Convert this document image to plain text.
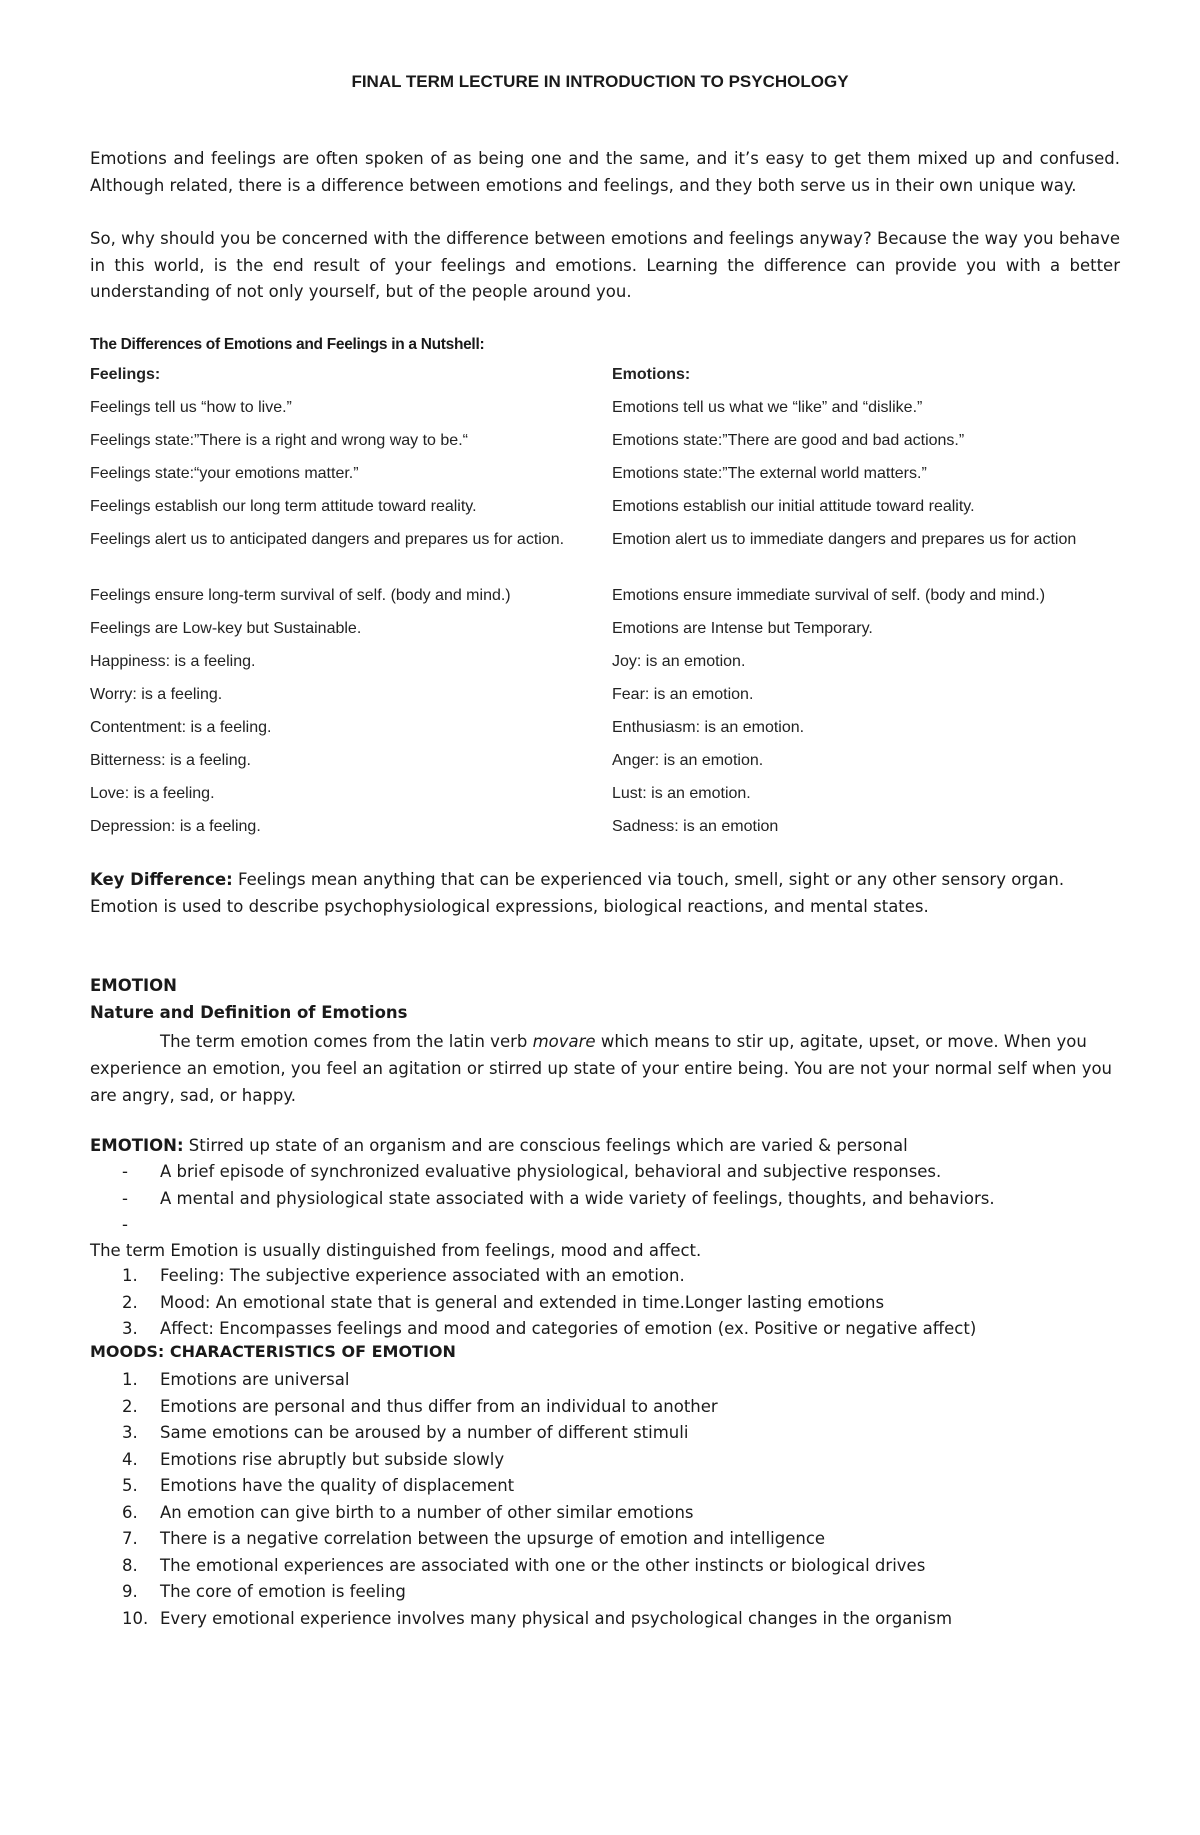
FINAL TERM LECTURE IN INTRODUCTION TO PSYCHOLOGY
Emotions and feelings are often spoken of as being one and the same, and it’s easy to get them mixed up and confused. Although related, there is a difference between emotions and feelings, and they both serve us in their own unique way.
So, why should you be concerned with the difference between emotions and feelings anyway? Because the way you behave in this world, is the end result of your feelings and emotions. Learning the difference can provide you with a better understanding of not only yourself, but of the people around you.
The Differences of Emotions and Feelings in a Nutshell:
Feelings:	Emotions:
Feelings tell us “how to live.”
Feelings state:”There is a right and wrong way to be.“
Feelings state:“your emotions matter.”
Feelings establish our long term attitude toward reality.
Feelings alert us to anticipated dangers and prepares us for action.
Feelings ensure long-term survival of self. (body and mind.)
Feelings are Low-key but Sustainable.
Happiness: is a feeling.
Worry: is a feeling.
Contentment: is a feeling.
Bitterness: is a feeling.
Love: is a feeling.
Depression: is a feeling.
Emotions tell us what we “like” and “dislike.”
Emotions state:”There are good and bad actions.”
Emotions state:”The external world matters.”
Emotions establish our initial attitude toward reality.
Emotion alert us to immediate dangers and prepares us for action
Emotions ensure immediate survival of self. (body and mind.)
Emotions are Intense but Temporary.
Joy: is an emotion.
Fear: is an emotion.
Enthusiasm: is an emotion.
Anger: is an emotion.
Lust: is an emotion.
Sadness: is an emotion
Key Difference: Feelings mean anything that can be experienced via touch, smell, sight or any other sensory organ. Emotion is used to describe psychophysiological expressions, biological reactions, and mental states.
EMOTION
Nature and Definition of Emotions
The term emotion comes from the latin verb movare which means to stir up, agitate, upset, or move. When you experience an emotion, you feel an agitation or stirred up state of your entire being. You are not your normal self when you are angry, sad, or happy.
EMOTION: Stirred up state of an organism and are conscious feelings which are varied & personal
- A brief episode of synchronized evaluative physiological, behavioral and subjective responses.
- A mental and physiological state associated with a wide variety of feelings, thoughts, and behaviors.
-
The term Emotion is usually distinguished from feelings, mood and affect.
1. Feeling: The subjective experience associated with an emotion.
2. Mood: An emotional state that is general and extended in time.Longer lasting emotions
3. Affect: Encompasses feelings and mood and categories of emotion (ex. Positive or negative affect)
MOODS: CHARACTERISTICS OF EMOTION
1. Emotions are universal
2. Emotions are personal and thus differ from an individual to another
3. Same emotions can be aroused by a number of different stimuli
4. Emotions rise abruptly but subside slowly
5. Emotions have the quality of displacement
6. An emotion can give birth to a number of other similar emotions
7. There is a negative correlation between the upsurge of emotion and intelligence
8. The emotional experiences are associated with one or the other instincts or biological drives
9. The core of emotion is feeling
10. Every emotional experience involves many physical and psychological changes in the organism
